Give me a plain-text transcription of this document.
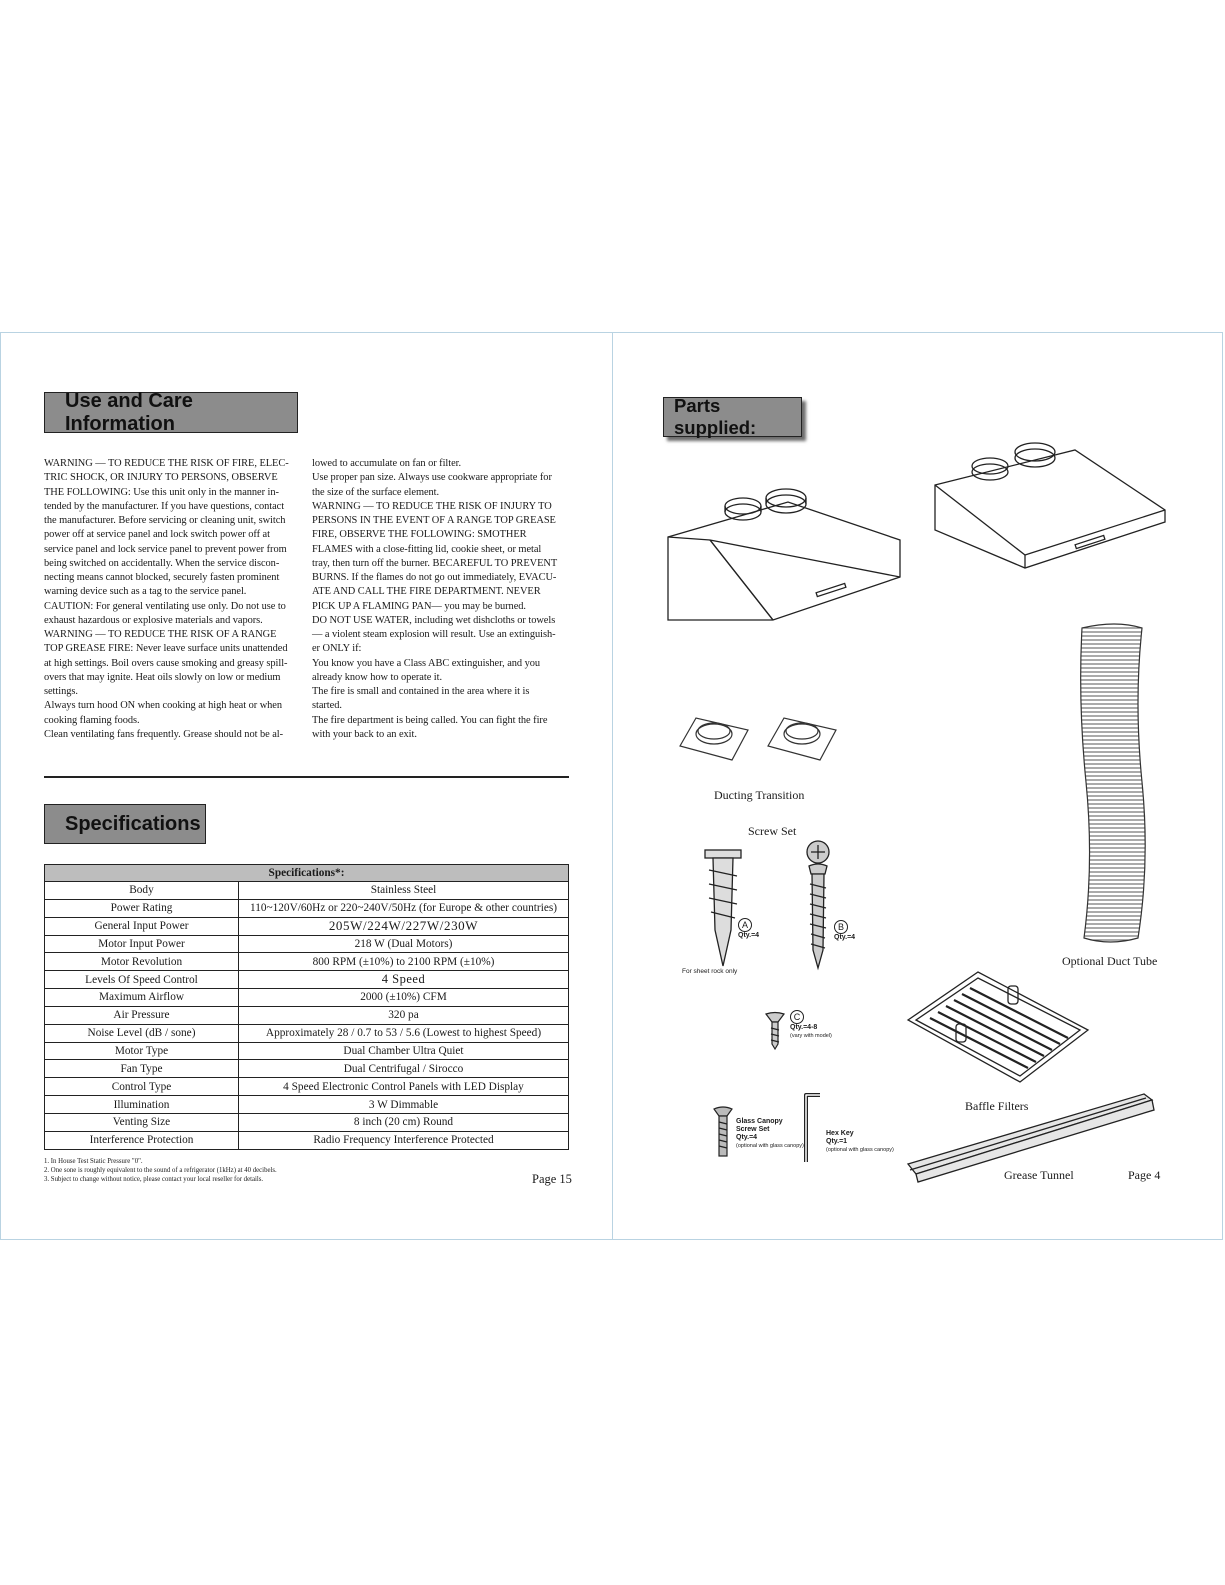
Use and Care Information

WARNING — TO REDUCE THE RISK OF FIRE, ELEC-

TRIC SHOCK, OR INJURY TO PERSONS, OBSERVE

THE FOLLOWING: Use this unit only in the manner in-

tended by the manufacturer. If you have questions, contact

the manufacturer. Before servicing or cleaning unit, switch

power off at service panel and lock switch power off at

service panel and lock service panel to prevent power from

being switched on accidentally. When the service discon-

necting means cannot blocked, securely fasten prominent

warning device such as a tag to the service panel.

CAUTION: For general ventilating use only. Do not use to

exhaust hazardous or explosive materials and vapors.

WARNING — TO REDUCE THE RISK OF A RANGE

TOP GREASE FIRE: Never leave surface units unattended

at high settings. Boil overs cause smoking and greasy spill-

overs that may ignite. Heat oils slowly on low or medium

settings.

Always turn hood ON when cooking at high heat or when

cooking flaming foods.

Clean ventilating fans frequently. Grease should not be al-

lowed to accumulate on fan or filter.

Use proper pan size. Always use cookware appropriate for

the size of the surface element.

WARNING — TO REDUCE THE RISK OF INJURY TO

PERSONS IN THE EVENT OF A RANGE TOP GREASE

FIRE, OBSERVE THE FOLLOWING: SMOTHER

FLAMES with a close-fitting lid, cookie sheet, or metal

tray, then turn off the burner. BECAREFUL TO PREVENT

BURNS. If the flames do not go out immediately, EVACU-

ATE AND CALL THE FIRE DEPARTMENT. NEVER

PICK UP A FLAMING PAN— you may be burned.

DO NOT USE WATER, including wet dishcloths or towels

— a violent steam explosion will result. Use an extinguish-

er ONLY if:

You know you have a Class ABC extinguisher, and you

already know how to operate it.

The fire is small and contained in the area where it is

started.

The fire department is being called. You can fight the fire

with your back to an exit.

Specifications
Specifications*:	
Body	Stainless Steel
Power Rating	110~120V/60Hz or 220~240V/50Hz (for Europe & other countries)
General Input Power	205W/224W/227W/230W
Motor Input Power	218 W (Dual Motors)
Motor Revolution	800 RPM (±10%) to 2100 RPM (±10%)
Levels Of Speed Control	4 Speed
Maximum Airflow	2000 (±10%) CFM
Air Pressure	320 pa
Noise Level (dB / sone)	Approximately 28 / 0.7 to 53 / 5.6 (Lowest to highest Speed)
Motor Type	Dual Chamber Ultra Quiet
Fan Type	Dual Centrifugal / Sirocco
Control Type	4 Speed Electronic Control Panels with LED Display
Illumination	3 W Dimmable
Venting Size	8 inch (20 cm) Round
Interference Protection	Radio Frequency Interference Protected
1. In House Test Static Pressure "0".
2. One sone is roughly equivalent to the sound of a refrigerator (1kHz) at 40 decibels.
3. Subject to change without notice, please contact your local reseller for details.	Page 15
Parts supplied:
Ducting Transition
Screw Set
A
Qty.=4
For sheet rock only
B
Qty.=4
Optional Duct Tube
C
Qty.=4-8
(vary with model)
Baffle Filters
Glass Canopy
Screw Set
Qty.=4
(optional with glass canopy)
Hex Key
Qty.=1
(optional with glass canopy)
Grease Tunnel	Page 4
